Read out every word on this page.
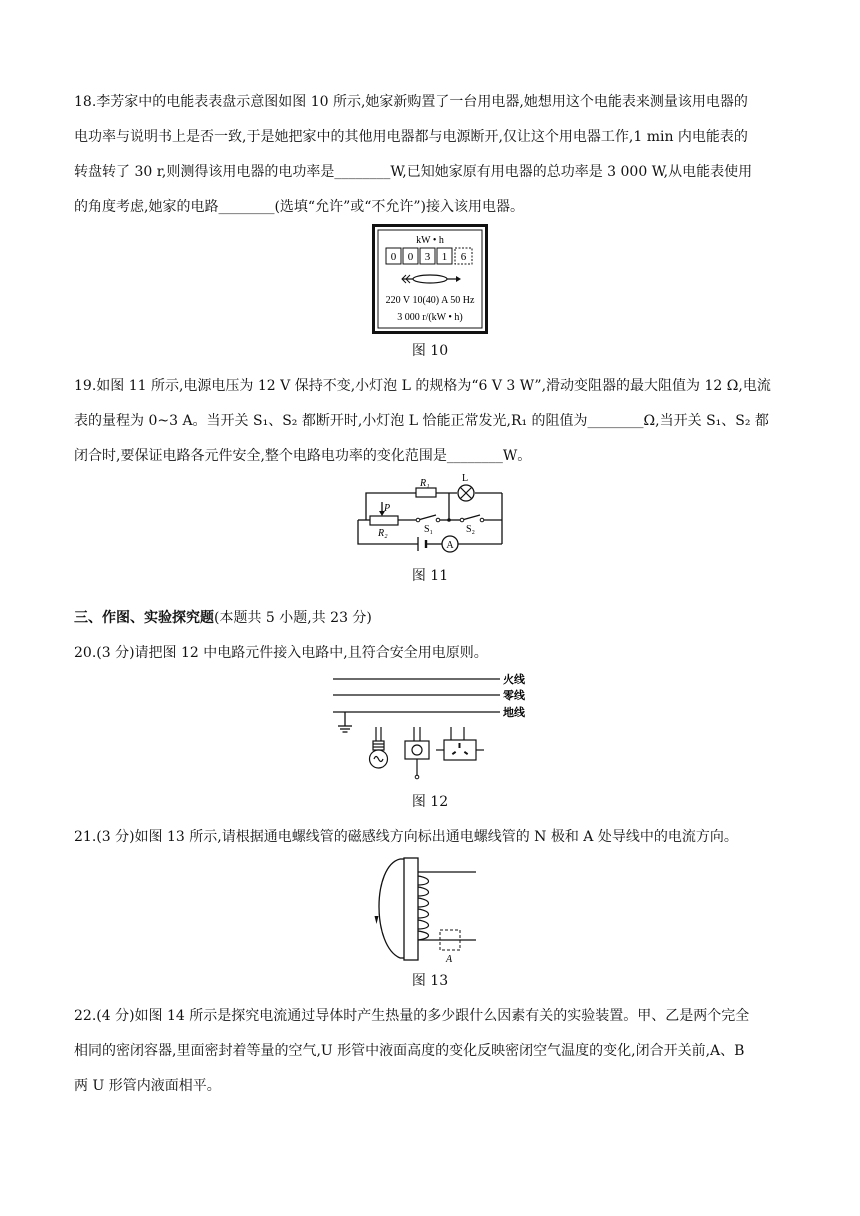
18.李芳家中的电能表表盘示意图如图 10 所示,她家新购置了一台用电器,她想用这个电能表来测量该用电器的
电功率与说明书上是否一致,于是她把家中的其他用电器都与电源断开,仅让这个用电器工作,1 min 内电能表的
转盘转了 30 r,则测得该用电器的电功率是________W,已知她家原有用电器的总功率是 3 000 W,从电能表使用
的角度考虑,她家的电路________(选填“允许”或“不允许”)接入该用电器。
kW • h
0 0 3 1 6
220 V 10(40) A 50 Hz
3 000 r/(kW • h)
图 10
19.如图 11 所示,电源电压为 12 V 保持不变,小灯泡 L 的规格为“6 V 3 W”,滑动变阻器的最大阻值为 12 Ω,电流
表的量程为 0~3 A。当开关 S₁、S₂ 都断开时,小灯泡 L 恰能正常发光,R₁ 的阻值为________Ω,当开关 S₁、S₂ 都
闭合时,要保证电路各元件安全,整个电路电功率的变化范围是________W。
A
R₁	L
P
R₂	S₁	S₂
图 11
三、作图、实验探究题(本题共 5 小题,共 23 分)
20.(3 分)请把图 12 中电路元件接入电路中,且符合安全用电原则。
火线
零线
地线
图 12
21.(3 分)如图 13 所示,请根据通电螺线管的磁感线方向标出通电螺线管的 N 极和 A 处导线中的电流方向。
A
图 13
22.(4 分)如图 14 所示是探究电流通过导体时产生热量的多少跟什么因素有关的实验装置。甲、乙是两个完全
相同的密闭容器,里面密封着等量的空气,U 形管中液面高度的变化反映密闭空气温度的变化,闭合开关前,A、B
两 U 形管内液面相平。
